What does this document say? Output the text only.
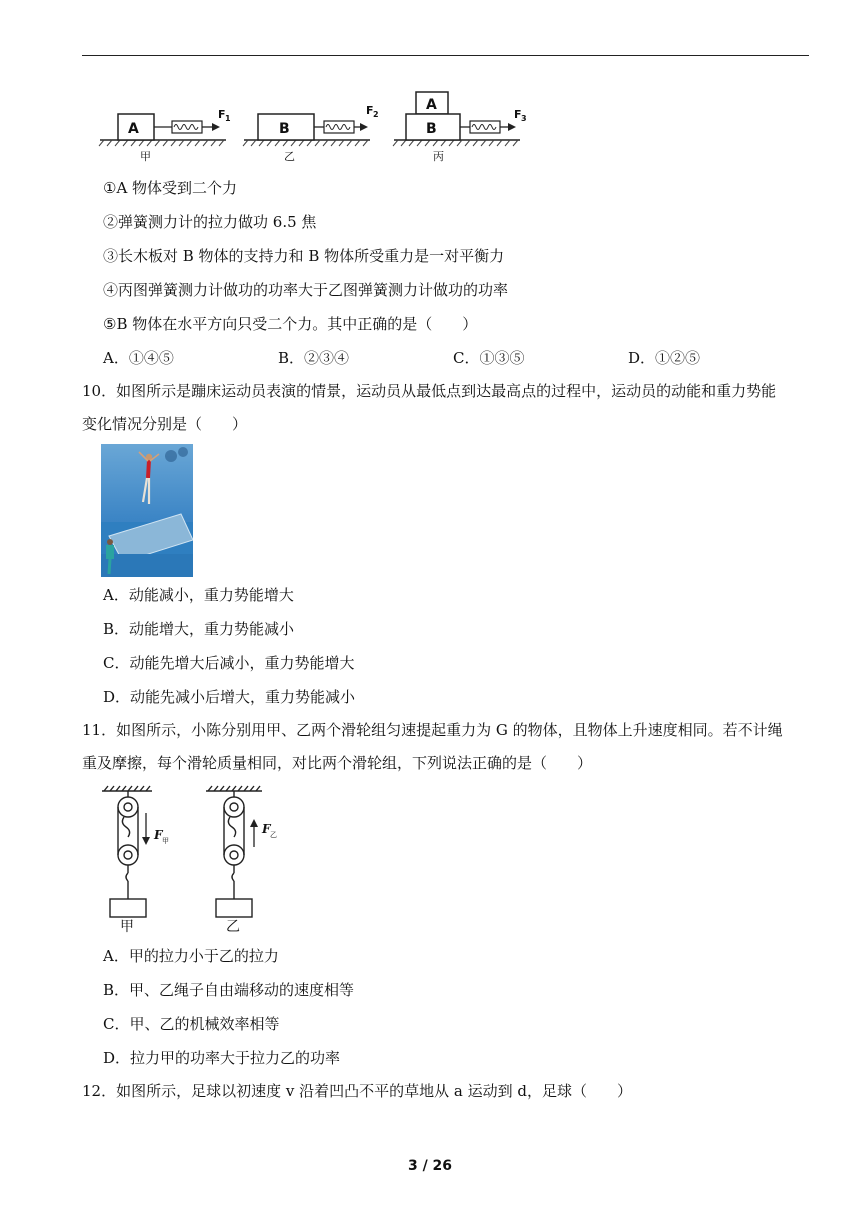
A	B
A
B
F 1
F 2	F 3
甲	乙	丙
①A 物体受到二个力
②弹簧测力计的拉力做功 6.5 焦
③长木板对 B 物体的支持力和 B 物体所受重力是一对平衡力
④丙图弹簧测力计做功的功率大于乙图弹簧测力计做功的功率
⑤B 物体在水平方向只受二个力。其中正确的是（　　）
A．①④⑤	B．②③④	C．①③⑤	D．①②⑤
10．如图所示是蹦床运动员表演的情景，运动员从最低点到达最高点的过程中，运动员的动能和重力势能
变化情况分别是（　　）
A．动能减小，重力势能增大
B．动能增大，重力势能减小
C．动能先增大后减小，重力势能增大
D．动能先减小后增大，重力势能减小
11．如图所示，小陈分别用甲、乙两个滑轮组匀速提起重力为 G 的物体，且物体上升速度相同。若不计绳
重及摩擦，每个滑轮质量相同，对比两个滑轮组，下列说法正确的是（　　）
F	F
甲
乙
甲	乙
A．甲的拉力小于乙的拉力
B．甲、乙绳子自由端移动的速度相等
C．甲、乙的机械效率相等
D．拉力甲的功率大于拉力乙的功率
12．如图所示，足球以初速度 v 沿着凹凸不平的草地从 a 运动到 d，足球（　　）
3 / 26
